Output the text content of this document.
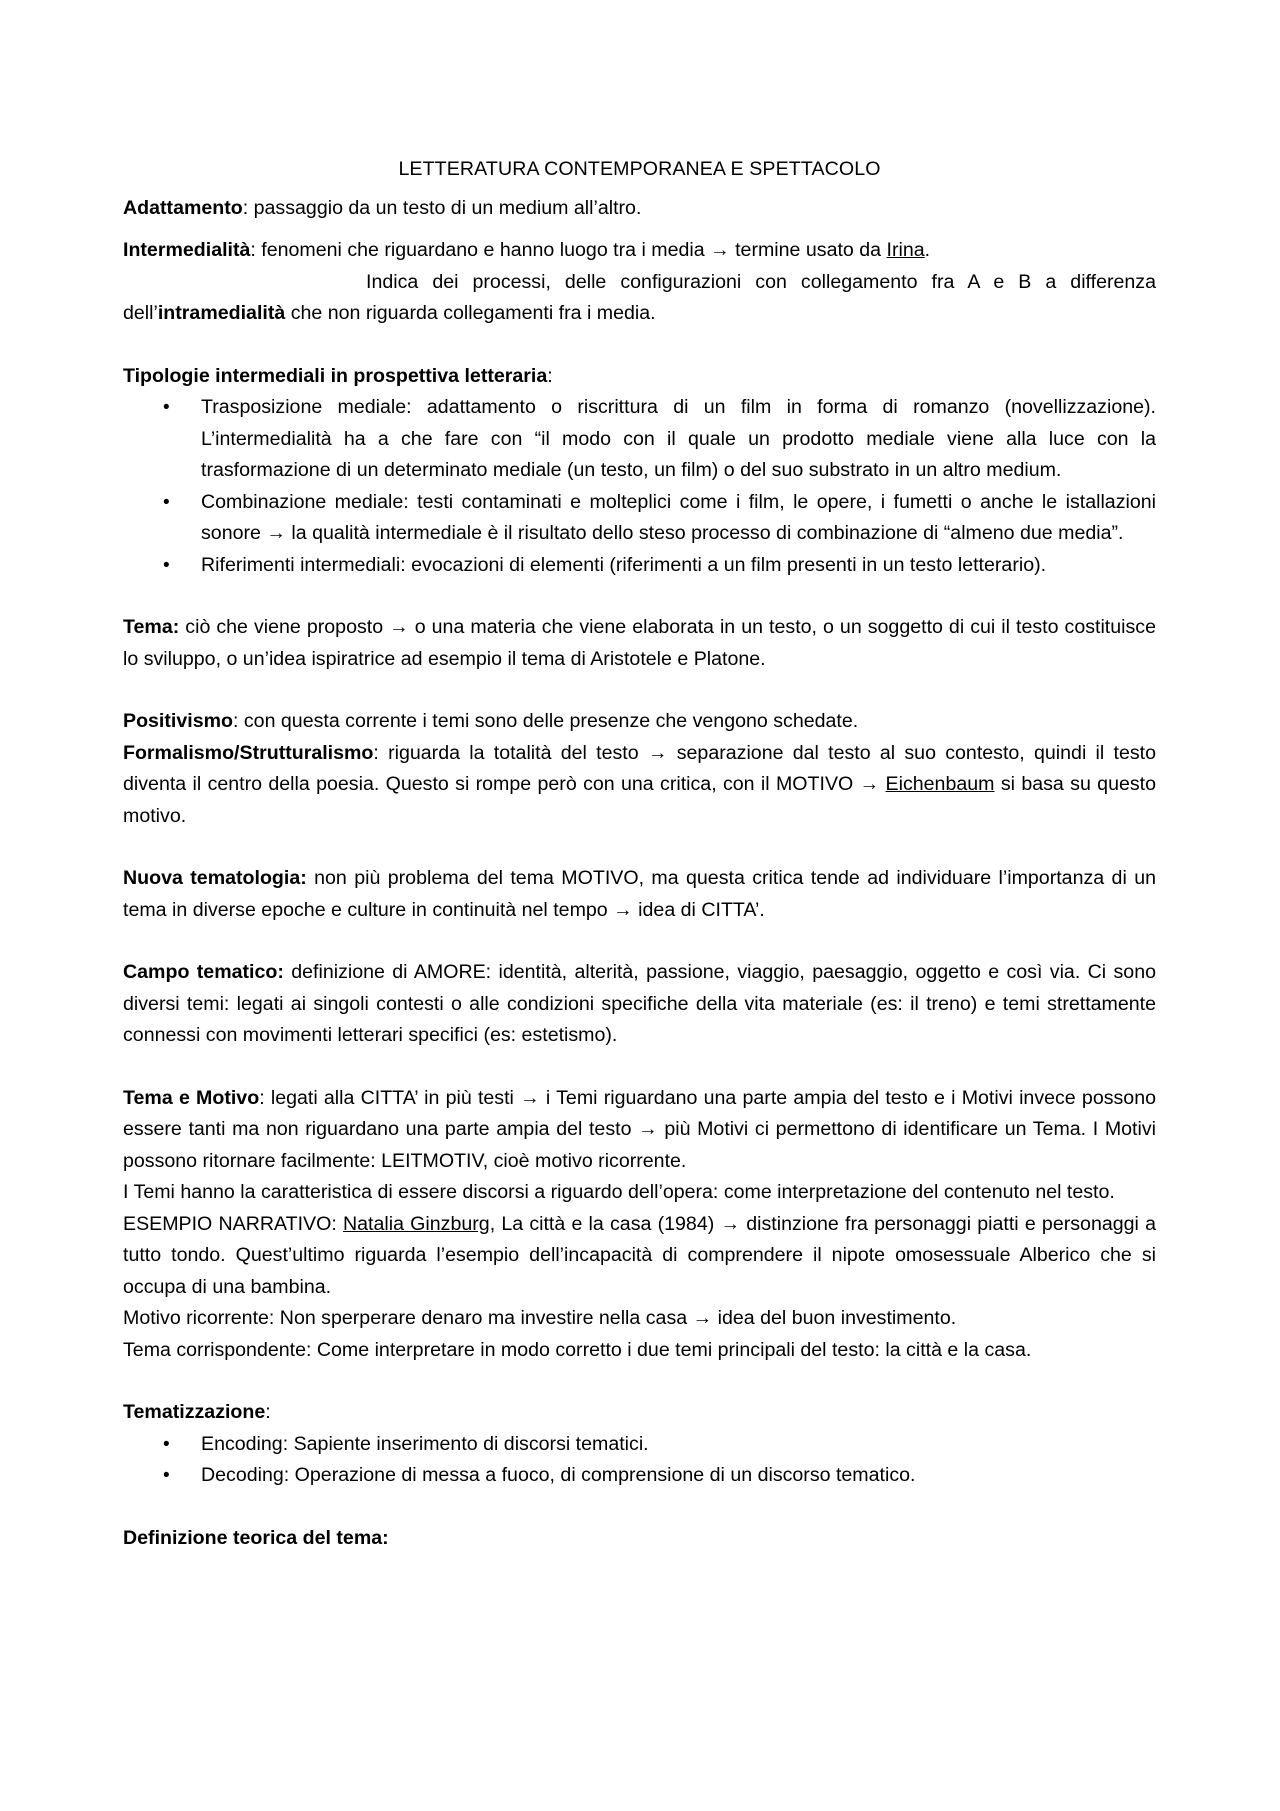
LETTERATURA CONTEMPORANEA E SPETTACOLO

Adattamento: passaggio da un testo di un medium all’altro.

Intermedialità: fenomeni che riguardano e hanno luogo tra i media → termine usato da Irina.

Indica dei processi, delle configurazioni con collegamento fra A e B a differenza

dell’intramedialità che non riguarda collegamenti fra i media.

Tipologie intermediali in prospettiva letteraria:

• Trasposizione mediale: adattamento o riscrittura di un film in forma di romanzo (novellizzazione). L’intermedialità ha a che fare con “il modo con il quale un prodotto mediale viene alla luce con la trasformazione di un determinato mediale (un testo, un film) o del suo substrato in un altro medium.
• Combinazione mediale: testi contaminati e molteplici come i film, le opere, i fumetti o anche le istallazioni sonore → la qualità intermediale è il risultato dello steso processo di combinazione di “almeno due media”.
• Riferimenti intermediali: evocazioni di elementi (riferimenti a un film presenti in un testo letterario).

Tema: ciò che viene proposto → o una materia che viene elaborata in un testo, o un soggetto di cui il testo costituisce lo sviluppo, o un’idea ispiratrice ad esempio il tema di Aristotele e Platone.

Positivismo: con questa corrente i temi sono delle presenze che vengono schedate.

Formalismo/Strutturalismo: riguarda la totalità del testo → separazione dal testo al suo contesto, quindi il testo diventa il centro della poesia. Questo si rompe però con una critica, con il MOTIVO → Eichenbaum si basa su questo motivo.

Nuova tematologia: non più problema del tema MOTIVO, ma questa critica tende ad individuare l’importanza di un tema in diverse epoche e culture in continuità nel tempo → idea di CITTA’.

Campo tematico: definizione di AMORE: identità, alterità, passione, viaggio, paesaggio, oggetto e così via. Ci sono diversi temi: legati ai singoli contesti o alle condizioni specifiche della vita materiale (es: il treno) e temi strettamente connessi con movimenti letterari specifici (es: estetismo).

Tema e Motivo: legati alla CITTA’ in più testi → i Temi riguardano una parte ampia del testo e i Motivi invece possono essere tanti ma non riguardano una parte ampia del testo → più Motivi ci permettono di identificare un Tema. I Motivi possono ritornare facilmente: LEITMOTIV, cioè motivo ricorrente.

I Temi hanno la caratteristica di essere discorsi a riguardo dell’opera: come interpretazione del contenuto nel testo.

ESEMPIO NARRATIVO: Natalia Ginzburg, La città e la casa (1984) → distinzione fra personaggi piatti e personaggi a tutto tondo. Quest’ultimo riguarda l’esempio dell’incapacità di comprendere il nipote omosessuale Alberico che si occupa di una bambina.

Motivo ricorrente: Non sperperare denaro ma investire nella casa → idea del buon investimento.

Tema corrispondente: Come interpretare in modo corretto i due temi principali del testo: la città e la casa.

Tematizzazione:

• Encoding: Sapiente inserimento di discorsi tematici.
• Decoding: Operazione di messa a fuoco, di comprensione di un discorso tematico.

Definizione teorica del tema:
